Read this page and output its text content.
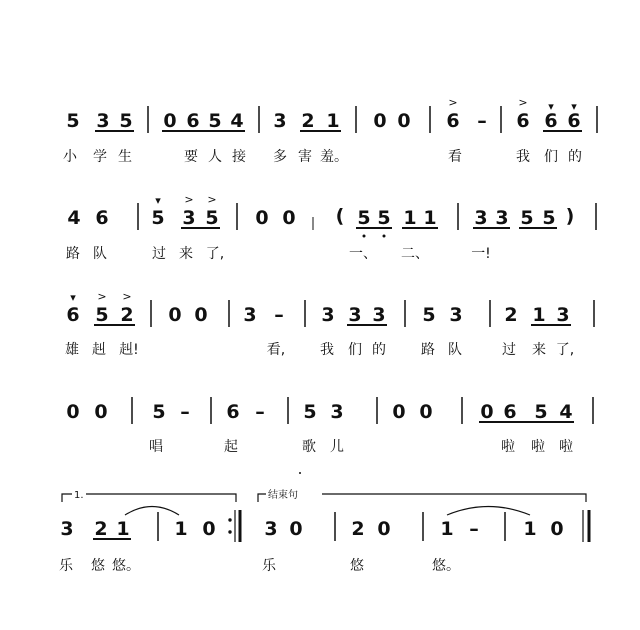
5 3 5 0 6 5 4 3 2 1 0 0 6 – 6 6 6
>	> ▾ ▾
小 学 生	要 人 接 多 害 羞。	看	我 们 的
4 6 5 3 5 0 0 ( 5 5 1 1 3 3 5 5 )
▾ > >
路 队	过 来 了,	一、 二、	一!
6 5 2 0 0 3 – 3 3 3 5 3 2 1 3
▾ > >
雄 赳 赳!	看, 我 们 的	路 队	过 来 了,
0 0 5 – 6 – 5 3	0 0	0 6 5 4
唱	起	歌 儿	啦 啦 啦
1.	结束句
3 2 1 1 0	3 0	2 0	1 – 1 0
乐 悠 悠。	乐	悠	悠。
